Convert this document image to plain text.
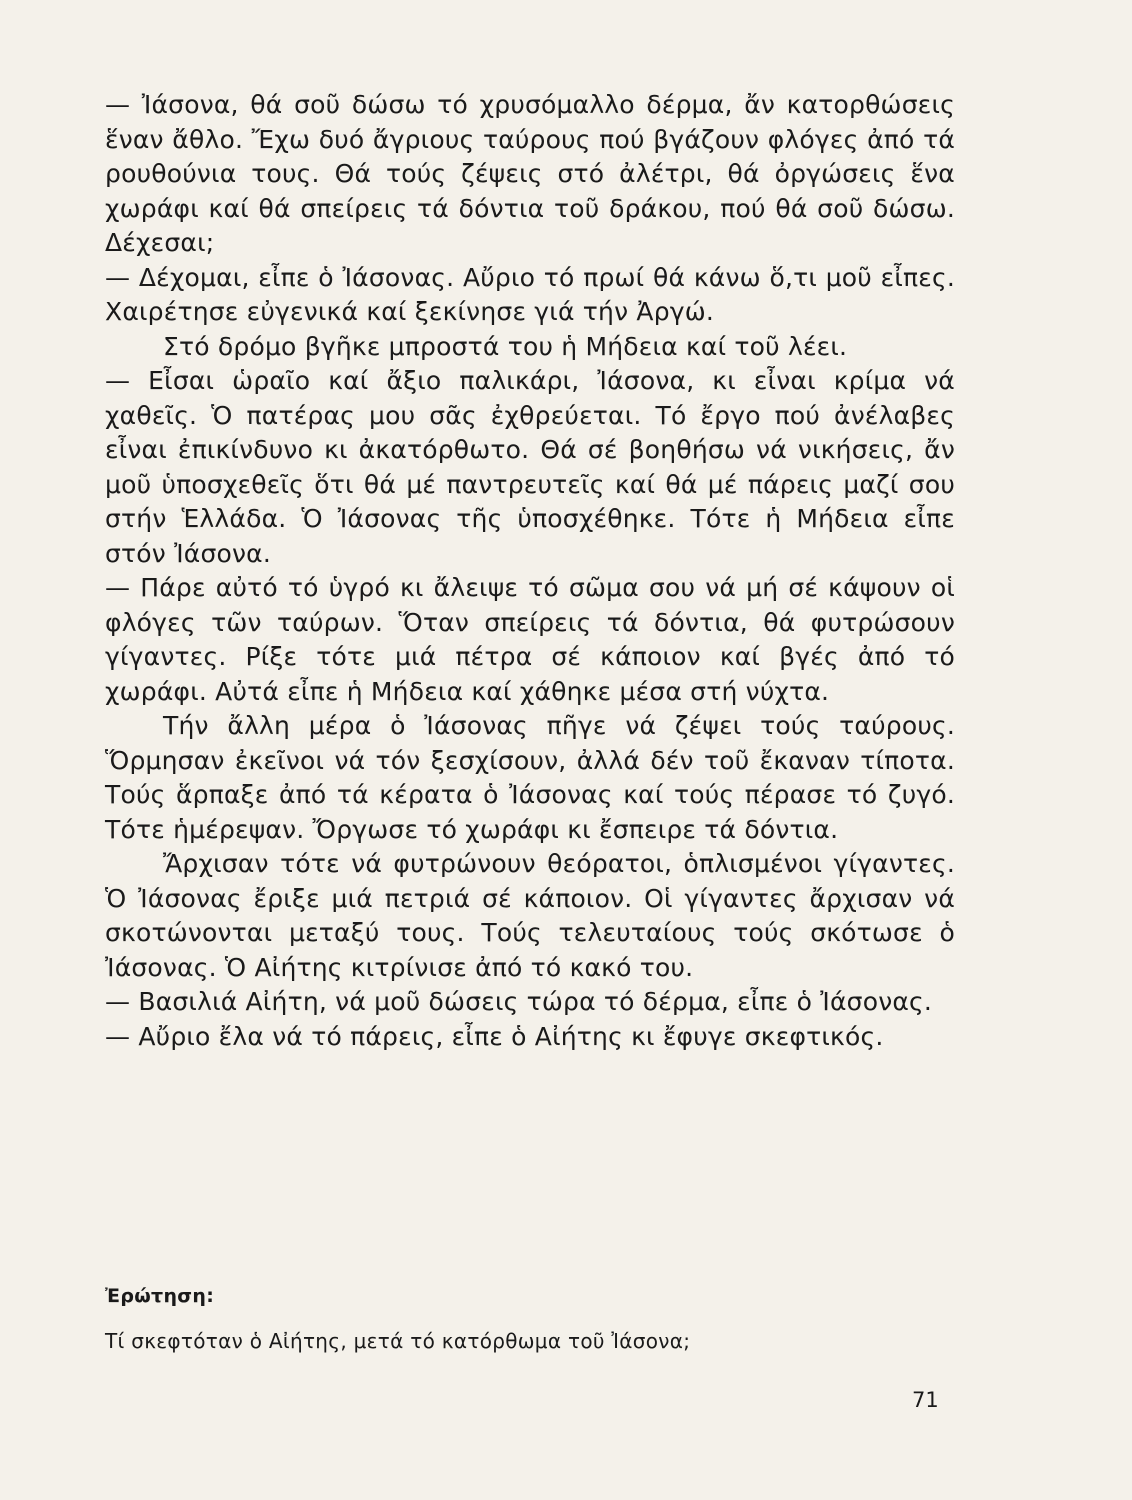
— Ἰάσονα, θά σοῦ δώσω τό χρυσόμαλλο δέρμα, ἄν κατορθώσεις ἕναν ἄθλο. Ἔχω δυό ἄγριους ταύρους πού βγάζουν φλόγες ἀπό τά ρουθούνια τους. Θά τούς ζέψεις στό ἀλέτρι, θά ὀργώσεις ἕνα χωράφι καί θά σπείρεις τά δόντια τοῦ δράκου, πού θά σοῦ δώσω. Δέχεσαι;

— Δέχομαι, εἶπε ὁ Ἰάσονας. Αὔριο τό πρωί θά κάνω ὅ,τι μοῦ εἶπες. Χαιρέτησε εὐγενικά καί ξεκίνησε γιά τήν Ἀργώ.

Στό δρόμο βγῆκε μπροστά του ἡ Μήδεια καί τοῦ λέει.

— Εἶσαι ὡραῖο καί ἄξιο παλικάρι, Ἰάσονα, κι εἶναι κρίμα νά χαθεῖς. Ὁ πατέρας μου σᾶς ἐχθρεύεται. Τό ἔργο πού ἀνέλαβες εἶναι ἐπικίνδυνο κι ἀκατόρθωτο. Θά σέ βοηθήσω νά νικήσεις, ἄν μοῦ ὑποσχεθεῖς ὅτι θά μέ παντρευτεῖς καί θά μέ πάρεις μαζί σου στήν Ἑλλάδα. Ὁ Ἰάσονας τῆς ὑποσχέθηκε. Τότε ἡ Μήδεια εἶπε στόν Ἰάσονα.

— Πάρε αὐτό τό ὑγρό κι ἄλειψε τό σῶμα σου νά μή σέ κάψουν οἱ φλόγες τῶν ταύρων. Ὅταν σπείρεις τά δόντια, θά φυτρώσουν γίγαντες. Ρίξε τότε μιά πέτρα σέ κάποιον καί βγές ἀπό τό χωράφι. Αὐτά εἶπε ἡ Μήδεια καί χάθηκε μέσα στή νύχτα.

Τήν ἄλλη μέρα ὁ Ἰάσονας πῆγε νά ζέψει τούς ταύρους. Ὅρμησαν ἐκεῖνοι νά τόν ξεσχίσουν, ἀλλά δέν τοῦ ἔκαναν τίποτα. Τούς ἅρπαξε ἀπό τά κέρατα ὁ Ἰάσονας καί τούς πέρασε τό ζυγό. Τότε ἡμέρεψαν. Ὄργωσε τό χωράφι κι ἔσπειρε τά δόντια.

Ἄρχισαν τότε νά φυτρώνουν θεόρατοι, ὁπλισμένοι γίγαντες. Ὁ Ἰάσονας ἔριξε μιά πετριά σέ κάποιον. Οἱ γίγαντες ἄρχισαν νά σκοτώνονται μεταξύ τους. Τούς τελευταίους τούς σκότωσε ὁ Ἰάσονας. Ὁ Αἰήτης κιτρίνισε ἀπό τό κακό του.

— Βασιλιά Αἰήτη, νά μοῦ δώσεις τώρα τό δέρμα, εἶπε ὁ Ἰάσονας.

— Αὔριο ἔλα νά τό πάρεις, εἶπε ὁ Αἰήτης κι ἔφυγε σκεφτικός.

Ἐρώτηση:

Τί σκεφτόταν ὁ Αἰήτης, μετά τό κατόρθωμα τοῦ Ἰάσονα;

71
